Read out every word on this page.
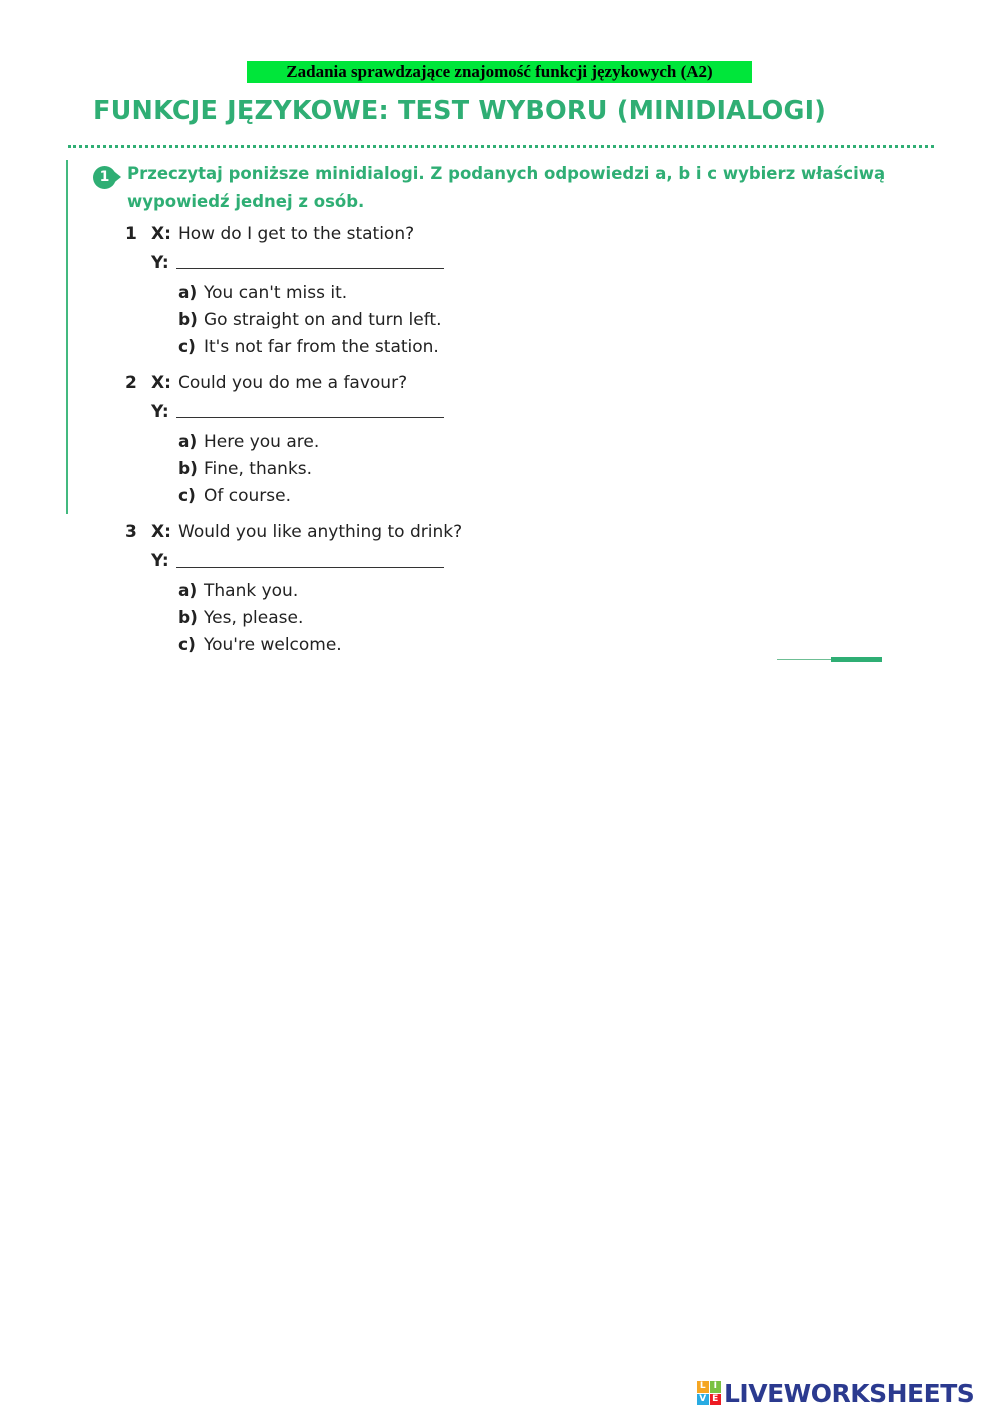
Zadania sprawdzające znajomość funkcji językowych (A2)
FUNKCJE JĘZYKOWE: TEST WYBORU (MINIDIALOGI)
1	Przeczytaj poniższe minidialogi. Z podanych odpowiedzi a, b i c wybierz właściwą
wypowiedź jednej z osób.
1 X: How do I get to the station?
Y:
a) You can't miss it.
b) Go straight on and turn left.
c) It's not far from the station.
2 X: Could you do me a favour?
Y:
a) Here you are.
b) Fine, thanks.
c) Of course.
3 X: Would you like anything to drink?
Y:
a) Thank you.
b) Yes, please.
c) You're welcome.
L I
V E LIVEWORKSHEETS
